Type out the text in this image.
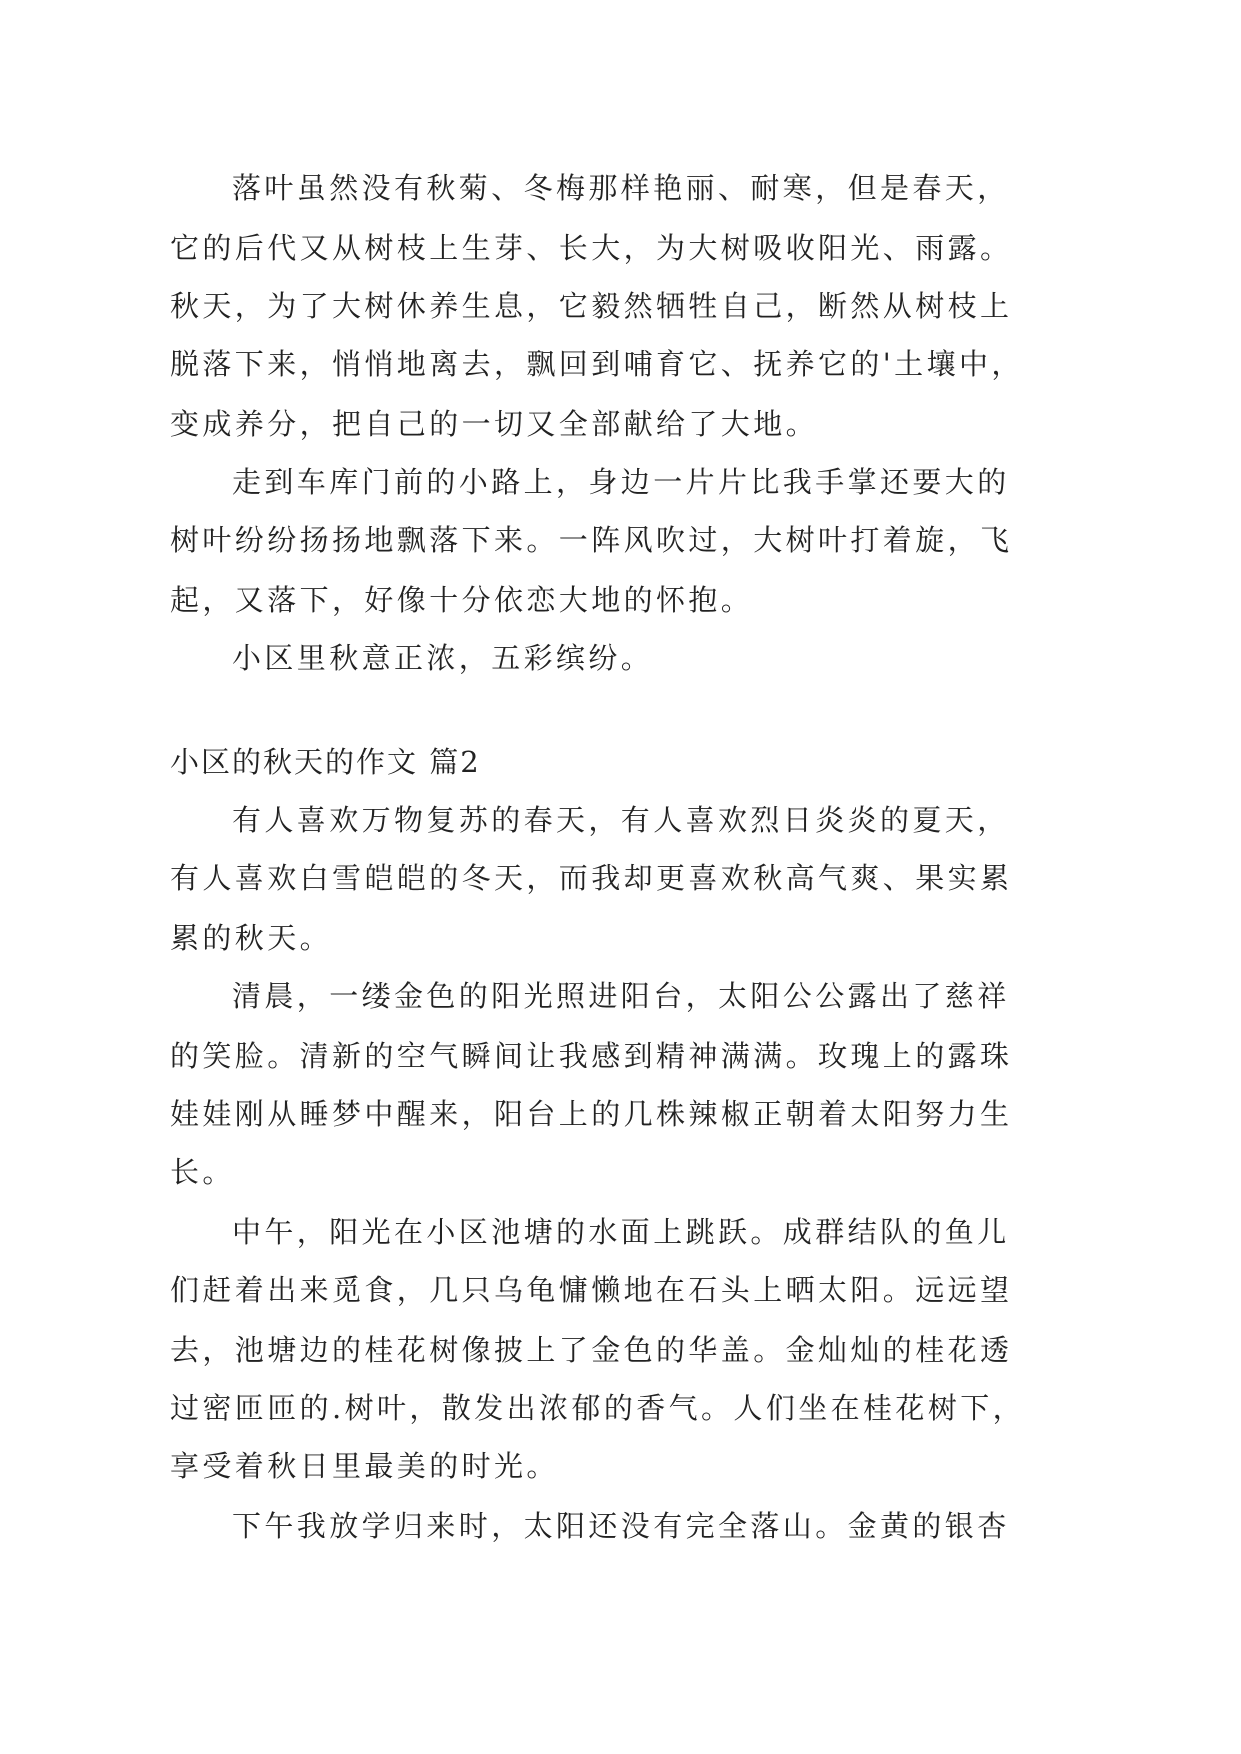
落叶虽然没有秋菊、冬梅那样艳丽、耐寒，但是春天，
它的后代又从树枝上生芽、长大，为大树吸收阳光、雨露。
秋天，为了大树休养生息，它毅然牺牲自己，断然从树枝上
脱落下来，悄悄地离去，飘回到哺育它、抚养它的'土壤中，
变成养分，把自己的一切又全部献给了大地。
走到车库门前的小路上，身边一片片比我手掌还要大的
树叶纷纷扬扬地飘落下来。一阵风吹过，大树叶打着旋，飞
起，又落下，好像十分依恋大地的怀抱。
小区里秋意正浓，五彩缤纷。
小区的秋天的作文 篇2
有人喜欢万物复苏的春天，有人喜欢烈日炎炎的夏天，
有人喜欢白雪皑皑的冬天，而我却更喜欢秋高气爽、果实累
累的秋天。
清晨，一缕金色的阳光照进阳台，太阳公公露出了慈祥
的笑脸。清新的空气瞬间让我感到精神满满。玫瑰上的露珠
娃娃刚从睡梦中醒来，阳台上的几株辣椒正朝着太阳努力生
长。
中午，阳光在小区池塘的水面上跳跃。成群结队的鱼儿
们赶着出来觅食，几只乌龟慵懒地在石头上晒太阳。远远望
去，池塘边的桂花树像披上了金色的华盖。金灿灿的桂花透
过密匝匝的.树叶，散发出浓郁的香气。人们坐在桂花树下，
享受着秋日里最美的时光。
下午我放学归来时，太阳还没有完全落山。金黄的银杏
